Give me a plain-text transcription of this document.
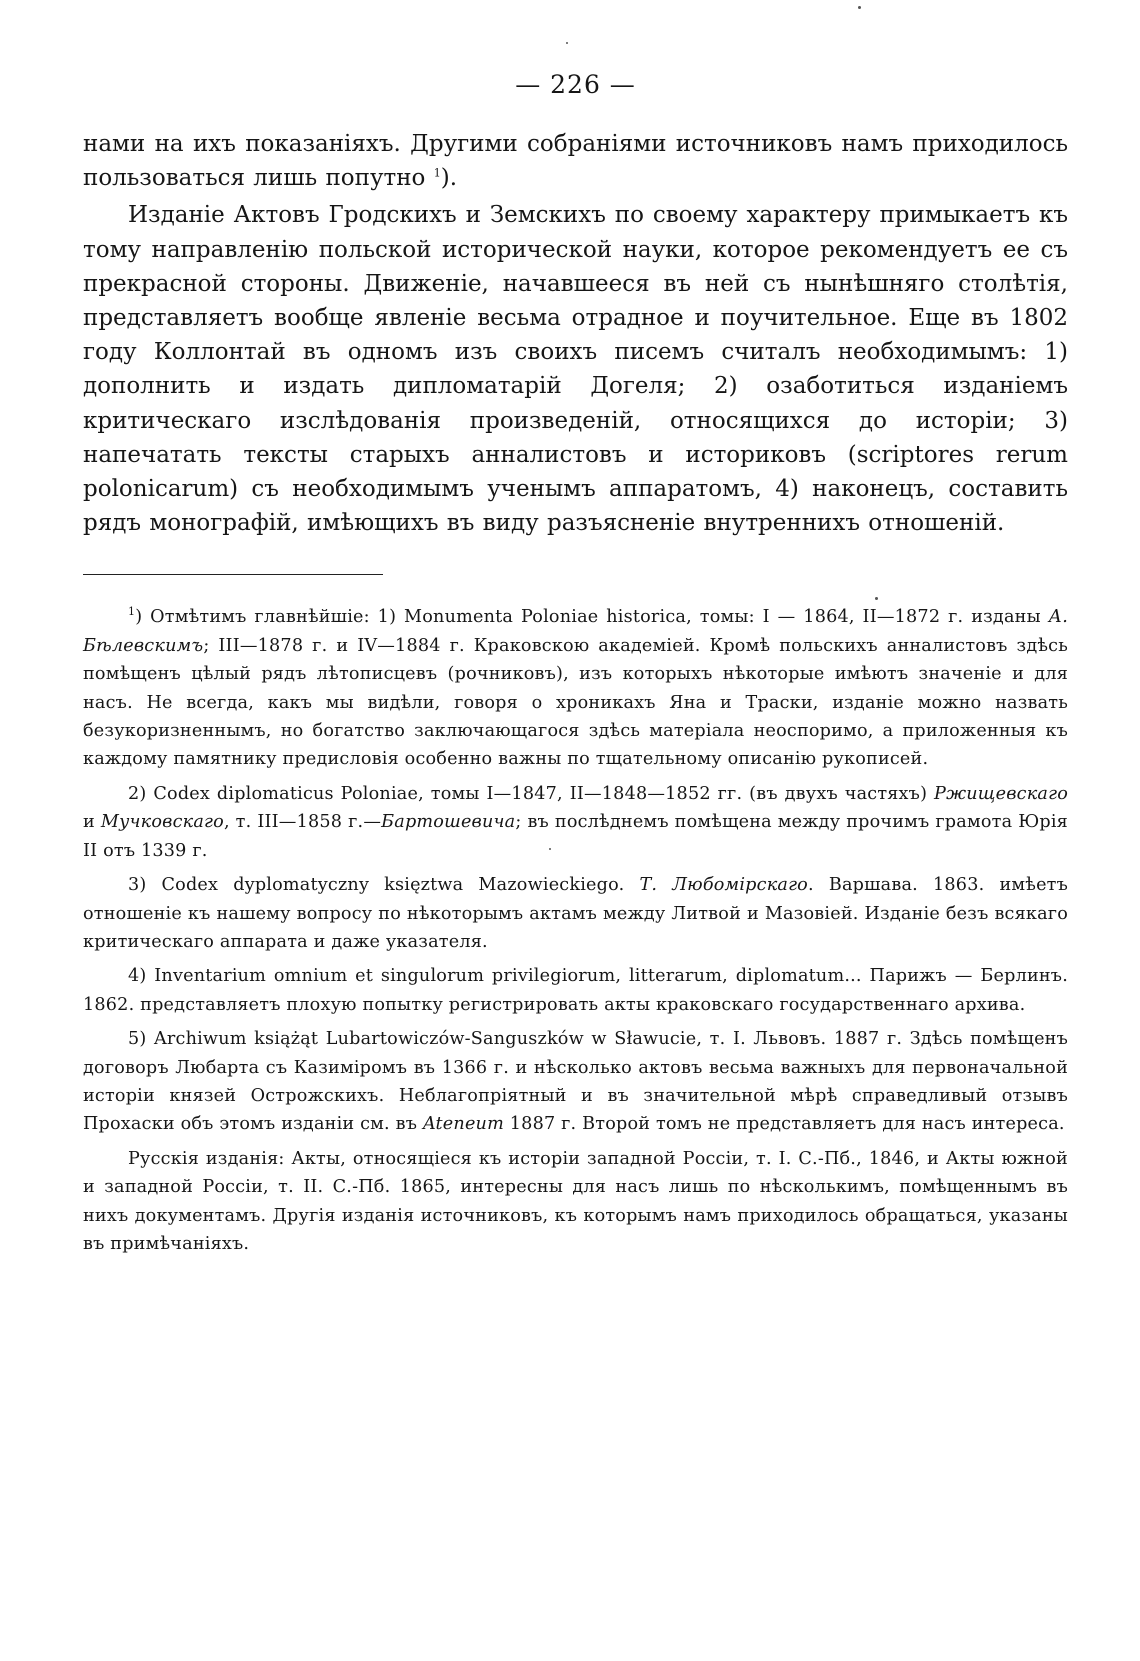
— 226 —

нами на ихъ показаніяхъ. Другими собраніями источниковъ намъ приходилось пользоваться лишь попутно $^1$).

Изданіе Актовъ Гродскихъ и Земскихъ по своему характеру примыкаетъ къ тому направленію польской исторической науки, которое рекомендуетъ ее съ прекрасной стороны. Движеніе, начавшееся въ ней съ нынѣшняго столѣтія, представляетъ вообще явленіе весьма отрадное и поучительное. Еще въ 1802 году Коллонтай въ одномъ изъ своихъ писемъ считалъ необходимымъ: 1) дополнить и издать дипломатарій Догеля; 2) озаботиться изданіемъ критическаго изслѣдованія произведеній, относящихся до исторіи; 3) напечатать тексты старыхъ анналистовъ и историковъ (scriptores rerum polonicarum) съ необходимымъ ученымъ аппаратомъ, 4) наконецъ, составить рядъ монографій, имѣющихъ въ виду разъясненіе внутреннихъ отношеній.

$^1$) Отмѣтимъ главнѣйшіе: 1) Monumenta Poloniae historica, томы: I — 1864, II—1872 г. изданы А. Бѣлевскимъ; III—1878 г. и IV—1884 г. Краковскою академіей. Кромѣ польскихъ анналистовъ здѣсь помѣщенъ цѣлый рядъ лѣтописцевъ (рочниковъ), изъ которыхъ нѣкоторые имѣютъ значеніе и для насъ. Не всегда, какъ мы видѣли, говоря о хроникахъ Яна и Траски, изданіе можно назвать безукоризненнымъ, но богатство заключающагося здѣсь матеріала неоспоримо, а приложенныя къ каждому памятнику предисловія особенно важны по тщательному описанію рукописей.

2) Codex diplomaticus Poloniae, томы I—1847, II—1848—1852 гг. (въ двухъ частяхъ) Ржищевскаго и Мучковскаго, т. III—1858 г.—Бартошевича; въ послѣднемъ помѣщена между прочимъ грамота Юрія II отъ 1339 г.

3) Codex dyplomatyczny księztwa Mazowieckiego. Т. Любомірскаго. Варшава. 1863. имѣетъ отношеніе къ нашему вопросу по нѣкоторымъ актамъ между Литвой и Мазовіей. Изданіе безъ всякаго критическаго аппарата и даже указателя.

4) Inventarium omnium et singulorum privilegiorum, litterarum, diplomatum... Парижъ — Берлинъ. 1862. представляетъ плохую попытку регистрировать акты краковскаго государственнаго архива.

5) Archiwum książąt Lubartowiczów-Sanguszków w Sławucie, т. I. Львовъ. 1887 г. Здѣсь помѣщенъ договоръ Любарта съ Казиміромъ въ 1366 г. и нѣсколько актовъ весьма важныхъ для первоначальной исторіи князей Острожскихъ. Неблагопріятный и въ значительной мѣрѣ справедливый отзывъ Прохаски объ этомъ изданіи см. въ Ateneum 1887 г. Второй томъ не представляетъ для насъ интереса.

Русскія изданія: Акты, относящіеся къ исторіи западной Россіи, т. I. С.-Пб., 1846, и Акты южной и западной Россіи, т. II. С.-Пб. 1865, интересны для насъ лишь по нѣсколькимъ, помѣщеннымъ въ нихъ документамъ. Другія изданія источниковъ, къ которымъ намъ приходилось обращаться, указаны въ примѣчаніяхъ.
